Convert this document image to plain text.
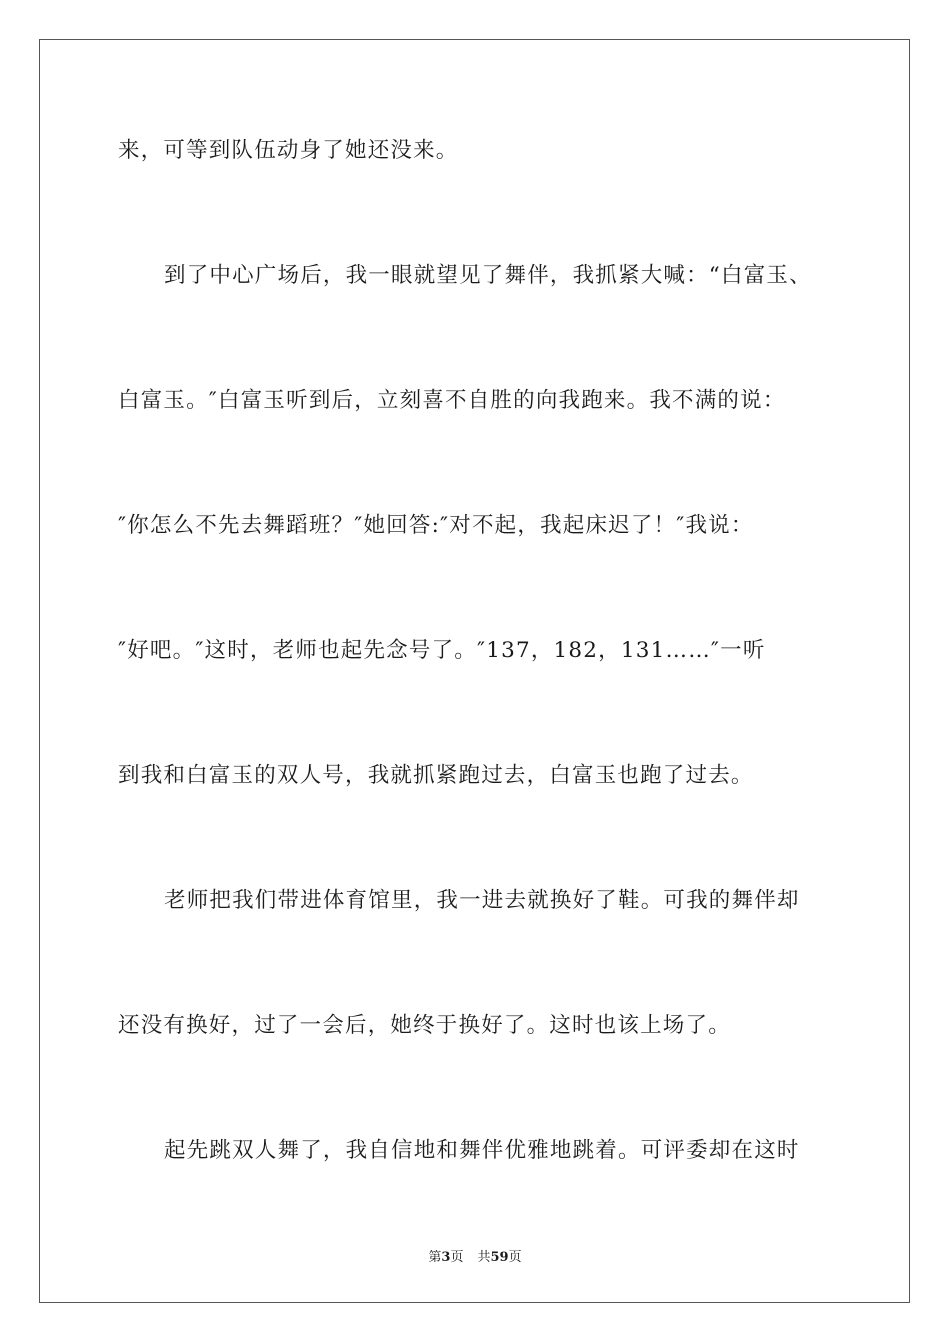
来，可等到队伍动身了她还没来。
到了中心广场后，我一眼就望见了舞伴，我抓紧大喊：“白富玉、
白富玉。″白富玉听到后，立刻喜不自胜的向我跑来。我不满的说：
″你怎么不先去舞蹈班？″她回答:″对不起，我起床迟了！″我说：
″好吧。″这时，老师也起先念号了。″137，182，131……″一听
到我和白富玉的双人号，我就抓紧跑过去，白富玉也跑了过去。
老师把我们带进体育馆里，我一进去就换好了鞋。可我的舞伴却
还没有换好，过了一会后，她终于换好了。这时也该上场了。
起先跳双人舞了，我自信地和舞伴优雅地跳着。可评委却在这时
第3页 共59页
